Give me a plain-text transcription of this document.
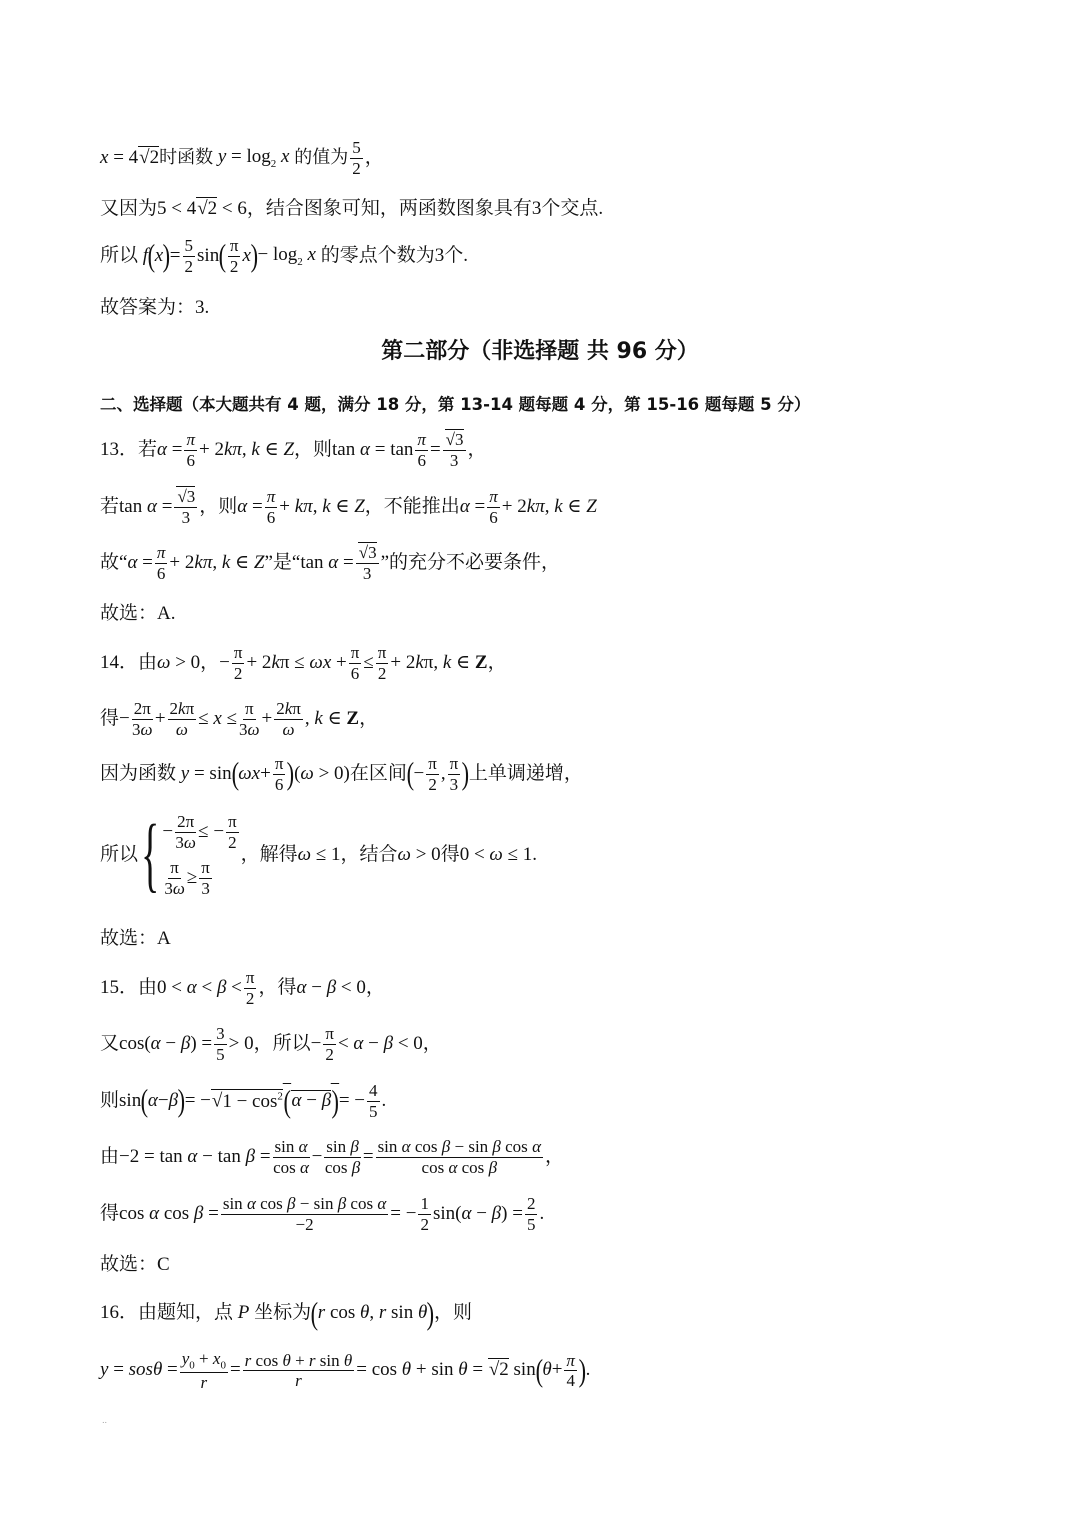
x = 4√2 时函数 $y = \log_2 x$ 的值为 $\frac{5}{2}$ ，
又因为 5 < 4√2 < 6 ，结合图象可知，两函数图象具有3个交点.
所以 f ( x ) = $\frac{5}{2}$ sin ( $\frac{\pi}{2}$ x ) − $\log_2 x$ 的零点个数为3个.
故答案为：3.
第二部分（非选择题 共 96 分）
二、选择题（本大题共有 4 题，满分 18 分，第 13-14 题每题 4 分，第 15-16 题每题 5 分）
13．若 $\alpha = \frac{\pi}{6} + 2k\pi$, k ∈ Z ，则 $\tan \alpha = \tan \frac{\pi}{6} = \frac{√3}{3}$ ，
若 $\tan \alpha = \frac{√3}{3}$ ，则 $\alpha = \frac{\pi}{6} + k\pi$, k ∈ Z ，不能推出 $\alpha = \frac{\pi}{6} + 2k\pi$, k ∈ Z
故“ $\alpha = \frac{\pi}{6} + 2k\pi$, k ∈ Z ”是“ $\tan \alpha = \frac{√3}{3}$ ”的充分不必要条件，
故选：A.
14．由 ω > 0，− $\frac{\pi}{2} + 2k\pi \le \omega x + \frac{\pi}{6} \le \frac{\pi}{2} + 2k\pi$, k ∈ Z，
得 − $\frac{2\pi}{3\omega} + \frac{2k\pi}{\omega} \le x \le \frac{\pi}{3\omega} + \frac{2k\pi}{\omega}$ , k ∈ Z，
因为函数 y = sin ( $\omega x + \frac{\pi}{6}$ ) (ω > 0) 在区间 ( − $\frac{\pi}{2}$ , $\frac{\pi}{3}$ ) 上单调递增，
所以 { − $\frac{2\pi}{3\omega}$ ≤ − $\frac{\pi}{2}$
$\frac{\pi}{3\omega} \ge \frac{\pi}{3}$
，解得 ω ≤ 1 ，结合 ω > 0 得 0 < ω ≤ 1.
故选：A
15．由 $0 < \alpha < \beta < \frac{\pi}{2}$ ，得 α − β < 0，
又 $\cos(\alpha - \beta) = \frac{3}{5} > 0$ ，所以 − $\frac{\pi}{2} < \alpha - \beta < 0$，
则 sin ( α − β ) = − $√1 - \cos^2$ ( α − β ) = − $\frac{4}{5}$ .
由 $-2 = \tan \alpha - \tan \beta = \frac{\text{sin α}}{\text{cos α}} - \frac{\text{sin β}}{\text{cos β}} = \frac{\text{sin α cos β − sin β cos α}}{\text{cos α cos β}}$ ，
得 cos α $\cos \beta = \frac{\text{sin α cos β − sin β cos α}}{-2}$ = − $\frac{1}{2} \sin(\alpha - \beta) = \frac{2}{5}$ .
故选：C
16．由题知，点 P 坐标为 ( r cos θ, r sin θ ) ，则
$y = sos\theta = \frac{y_0 + x_0}{r} = \frac{\text{r cos θ + r sin θ}}{r} = \cos \theta + \sin \theta = √2$ sin ( $\theta + \frac{\pi}{4}$ ) .
..
